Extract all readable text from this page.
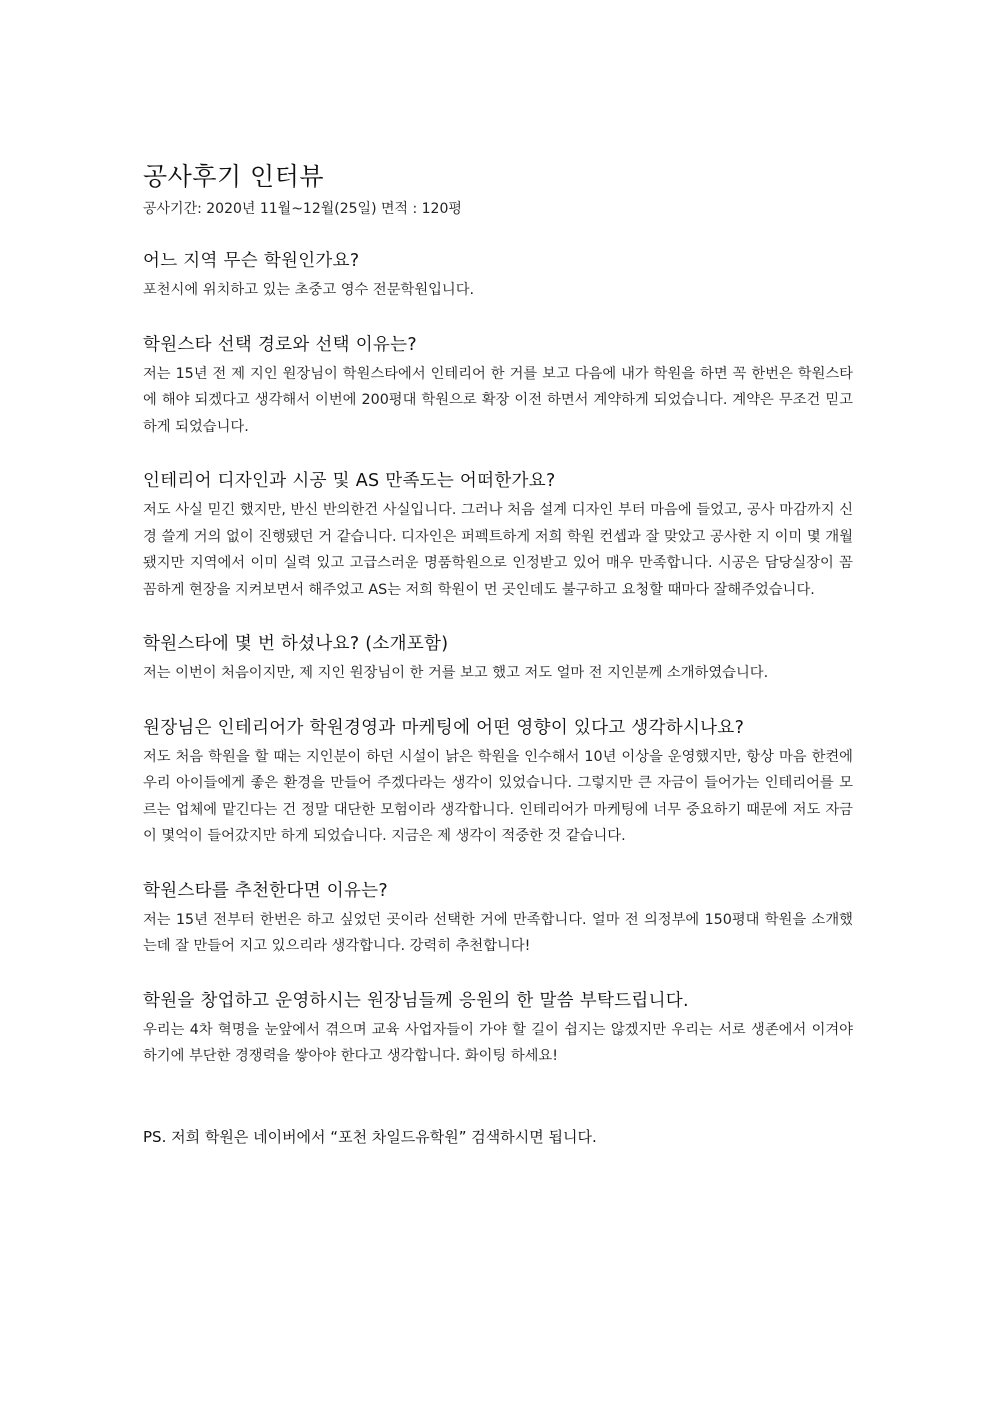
공사후기 인터뷰

공사기간: 2020년 11월~12월(25일) 면적 : 120평

어느 지역 무슨 학원인가요?

포천시에 위치하고 있는 초중고 영수 전문학원입니다.

학원스타 선택 경로와 선택 이유는?

저는 15년 전 제 지인 원장님이 학원스타에서 인테리어 한 거를 보고 다음에 내가 학원을 하면 꼭 한번은 학원스타에 해야 되겠다고 생각해서 이번에 200평대 학원으로 확장 이전 하면서 계약하게 되었습니다. 계약은 무조건 믿고 하게 되었습니다.

인테리어 디자인과 시공 및 AS 만족도는 어떠한가요?

저도 사실 믿긴 했지만, 반신 반의한건 사실입니다. 그러나 처음 설계 디자인 부터 마음에 들었고, 공사 마감까지 신경 쓸게 거의 없이 진행됐던 거 같습니다. 디자인은 퍼펙트하게 저희 학원 컨셉과 잘 맞았고 공사한 지 이미 몇 개월 됐지만 지역에서 이미 실력 있고 고급스러운 명품학원으로 인정받고 있어 매우 만족합니다. 시공은 담당실장이 꼼꼼하게 현장을 지켜보면서 해주었고 AS는 저희 학원이 먼 곳인데도 불구하고 요청할 때마다 잘해주었습니다.

학원스타에 몇 번 하셨나요? (소개포함)

저는 이번이 처음이지만, 제 지인 원장님이 한 거를 보고 했고 저도 얼마 전 지인분께 소개하였습니다.

원장님은 인테리어가 학원경영과 마케팅에 어떤 영향이 있다고 생각하시나요?

저도 처음 학원을 할 때는 지인분이 하던 시설이 낡은 학원을 인수해서 10년 이상을 운영했지만, 항상 마음 한켠에 우리 아이들에게 좋은 환경을 만들어 주겠다라는 생각이 있었습니다. 그렇지만 큰 자금이 들어가는 인테리어를 모르는 업체에 맡긴다는 건 정말 대단한 모험이라 생각합니다. 인테리어가 마케팅에 너무 중요하기 때문에 저도 자금이 몇억이 들어갔지만 하게 되었습니다. 지금은 제 생각이 적중한 것 같습니다.

학원스타를 추천한다면 이유는?

저는 15년 전부터 한번은 하고 싶었던 곳이라 선택한 거에 만족합니다. 얼마 전 의정부에 150평대 학원을 소개했는데 잘 만들어 지고 있으리라 생각합니다. 강력히 추천합니다!

학원을 창업하고 운영하시는 원장님들께 응원의 한 말씀 부탁드립니다.

우리는 4차 혁명을 눈앞에서 겪으며 교육 사업자들이 가야 할 길이 쉽지는 않겠지만 우리는 서로 생존에서 이겨야 하기에 부단한 경쟁력을 쌓아야 한다고 생각합니다. 화이팅 하세요!

PS. 저희 학원은 네이버에서 “포천 차일드유학원” 검색하시면 됩니다.
